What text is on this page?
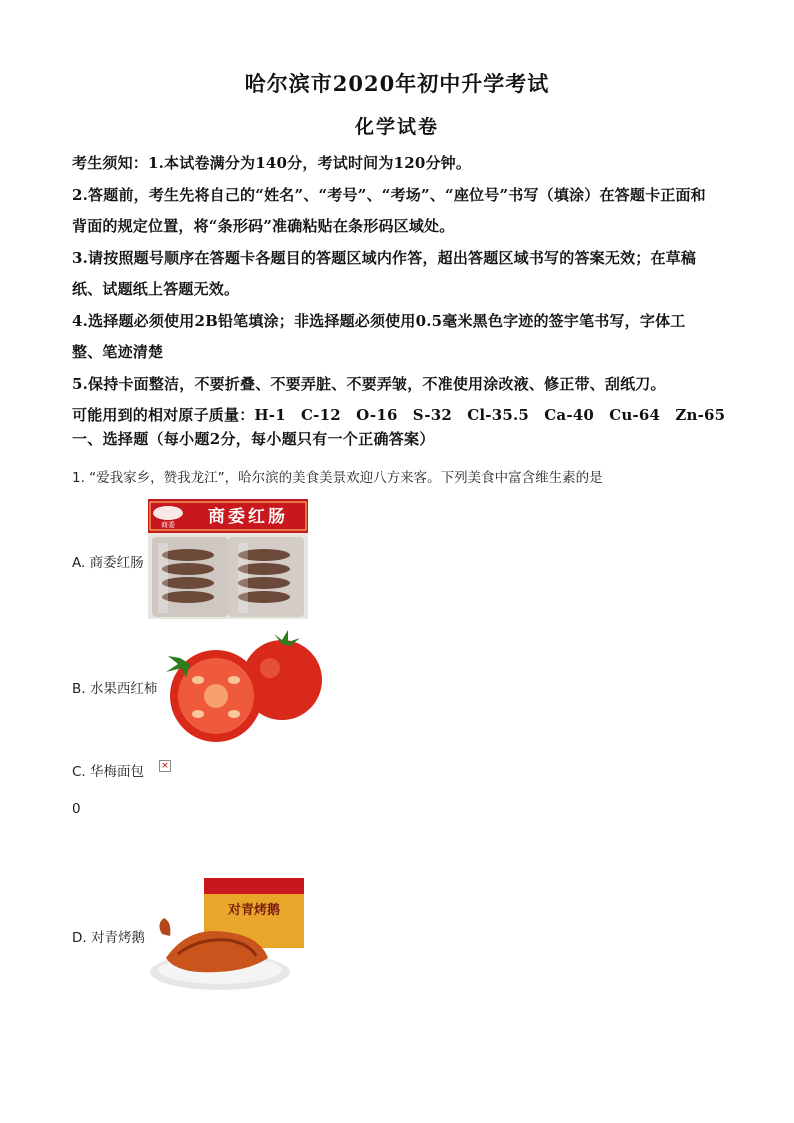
哈尔滨市2020年初中升学考试
化学试卷

考生须知：1.本试卷满分为140分，考试时间为120分钟。

2.答题前，考生先将自己的“姓名”、“考号”、“考场”、“座位号”书写（填涂）在答题卡正面和

背面的规定位置，将“条形码”准确粘贴在条形码区域处。

3.请按照题号顺序在答题卡各题目的答题区域内作答，超出答题区域书写的答案无效；在草稿

纸、试题纸上答题无效。

4.选择题必须使用2B铅笔填涂；非选择题必须使用0.5毫米黑色字迹的签宇笔书写，字体工

整、笔迹清楚

5.保持卡面整洁，不要折叠、不要弄脏、不要弄皱，不准使用涂改液、修正带、刮纸刀。

可能用到的相对原子质量：H-1　C-12　O-16　S-32　Cl-35.5　Ca-40　Cu-64　Zn-65

一、选择题（每小题2分，每小题只有一个正确答案）
1. “爱我家乡，赞我龙江”，哈尔滨的美食美景欢迎八方来客。下列美食中富含维生素的是
A. 商委红肠
B. 水果西红柿
C. 华梅面包 ×
0
D. 对青烤鹅
商委 商委红肠
对青烤鹅
